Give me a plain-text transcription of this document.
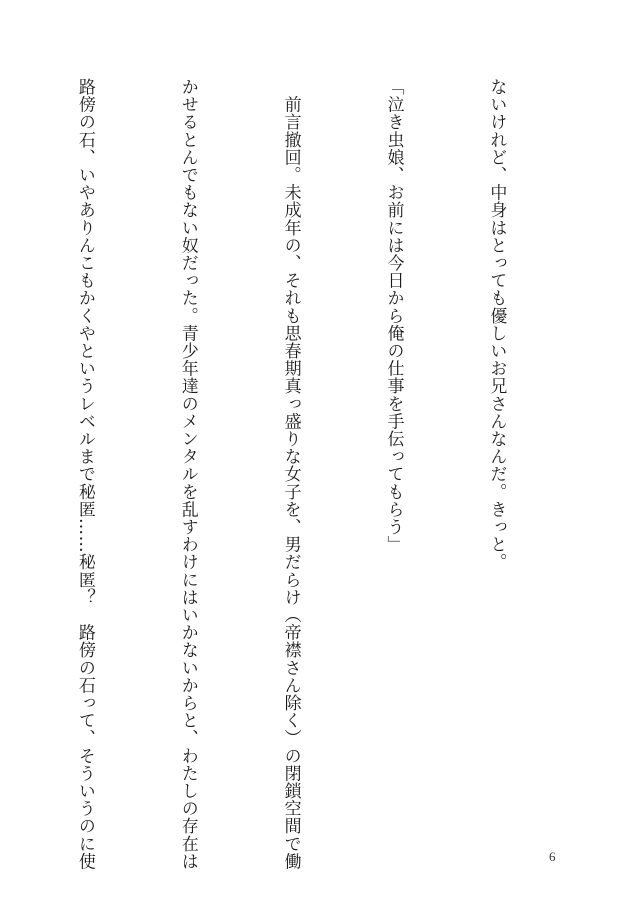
ないけれど、中身はとっても優しいお兄さんなんだ。きっと。

「泣き虫娘、お前には今日から俺の仕事を手伝ってもらう」

　前言撤回。未成年の、それも思春期真っ盛りな女子を、男だらけ（帝襟さん除く）の閉鎖空間で働

かせるとんでもない奴だった。青少年達のメンタルを乱すわけにはいかないからと、わたしの存在は

路傍の石、いやありんこもかくやというレベルまで秘匿……秘匿？　路傍の石って、そういうのに使

	6
